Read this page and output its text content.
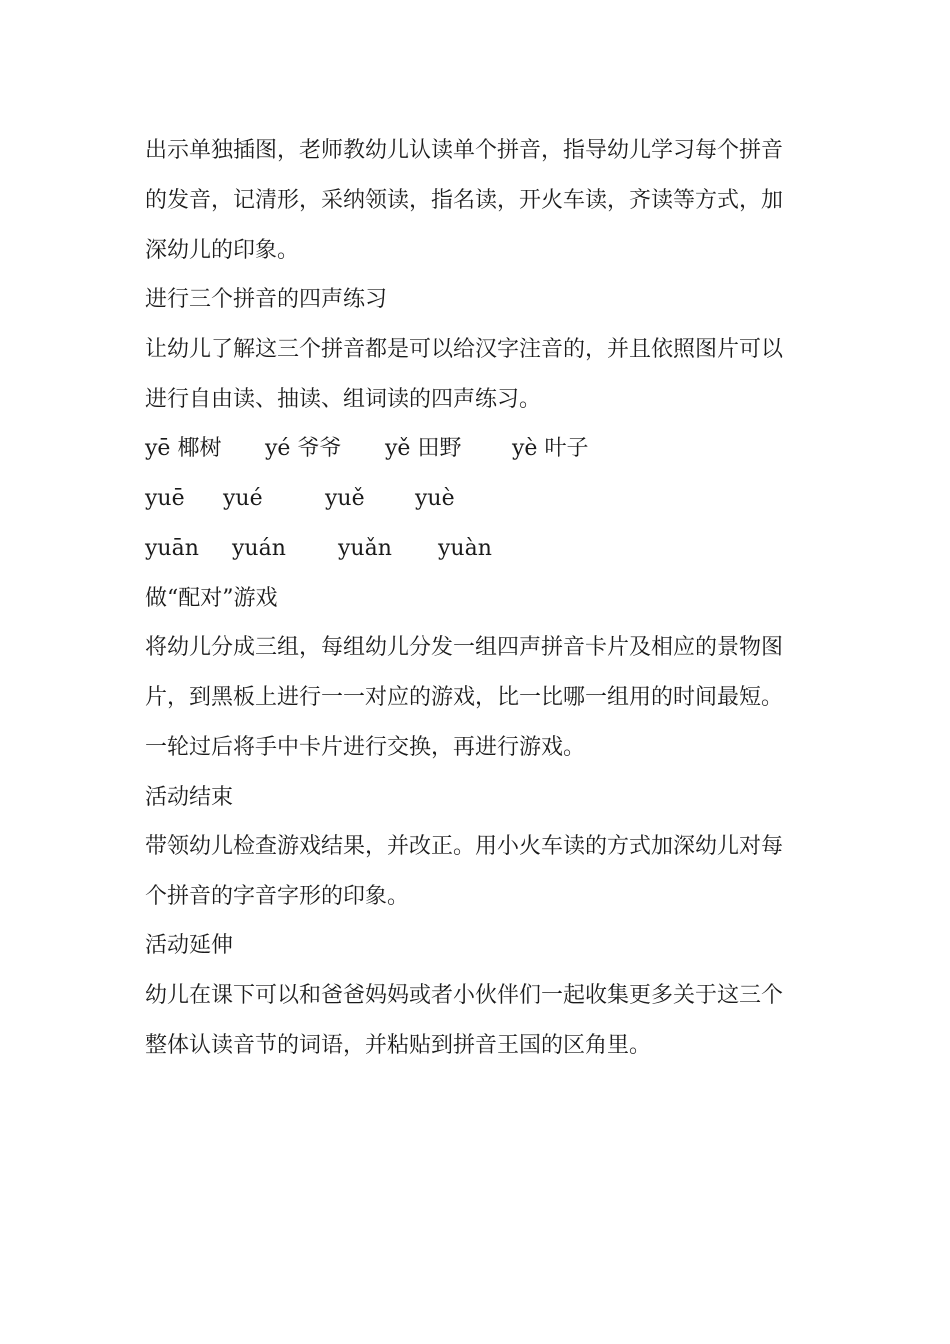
出示单独插图，老师教幼儿认读单个拼音，指导幼儿学习每个拼音
的发音，记清形，采纳领读，指名读，开火车读，齐读等方式，加
深幼儿的印象。
进行三个拼音的四声练习
让幼儿了解这三个拼音都是可以给汉字注音的，并且依照图片可以
进行自由读、抽读、组词读的四声练习。
yē 椰树 yé 爷爷 yě 田野 yè 叶子
yuē yué	yuě yuè
yuān yuán yuǎn yuàn
做“配对”游戏
将幼儿分成三组，每组幼儿分发一组四声拼音卡片及相应的景物图
片，到黑板上进行一一对应的游戏，比一比哪一组用的时间最短。
一轮过后将手中卡片进行交换，再进行游戏。
活动结束
带领幼儿检查游戏结果，并改正。用小火车读的方式加深幼儿对每
个拼音的字音字形的印象。
活动延伸
幼儿在课下可以和爸爸妈妈或者小伙伴们一起收集更多关于这三个
整体认读音节的词语，并粘贴到拼音王国的区角里。
